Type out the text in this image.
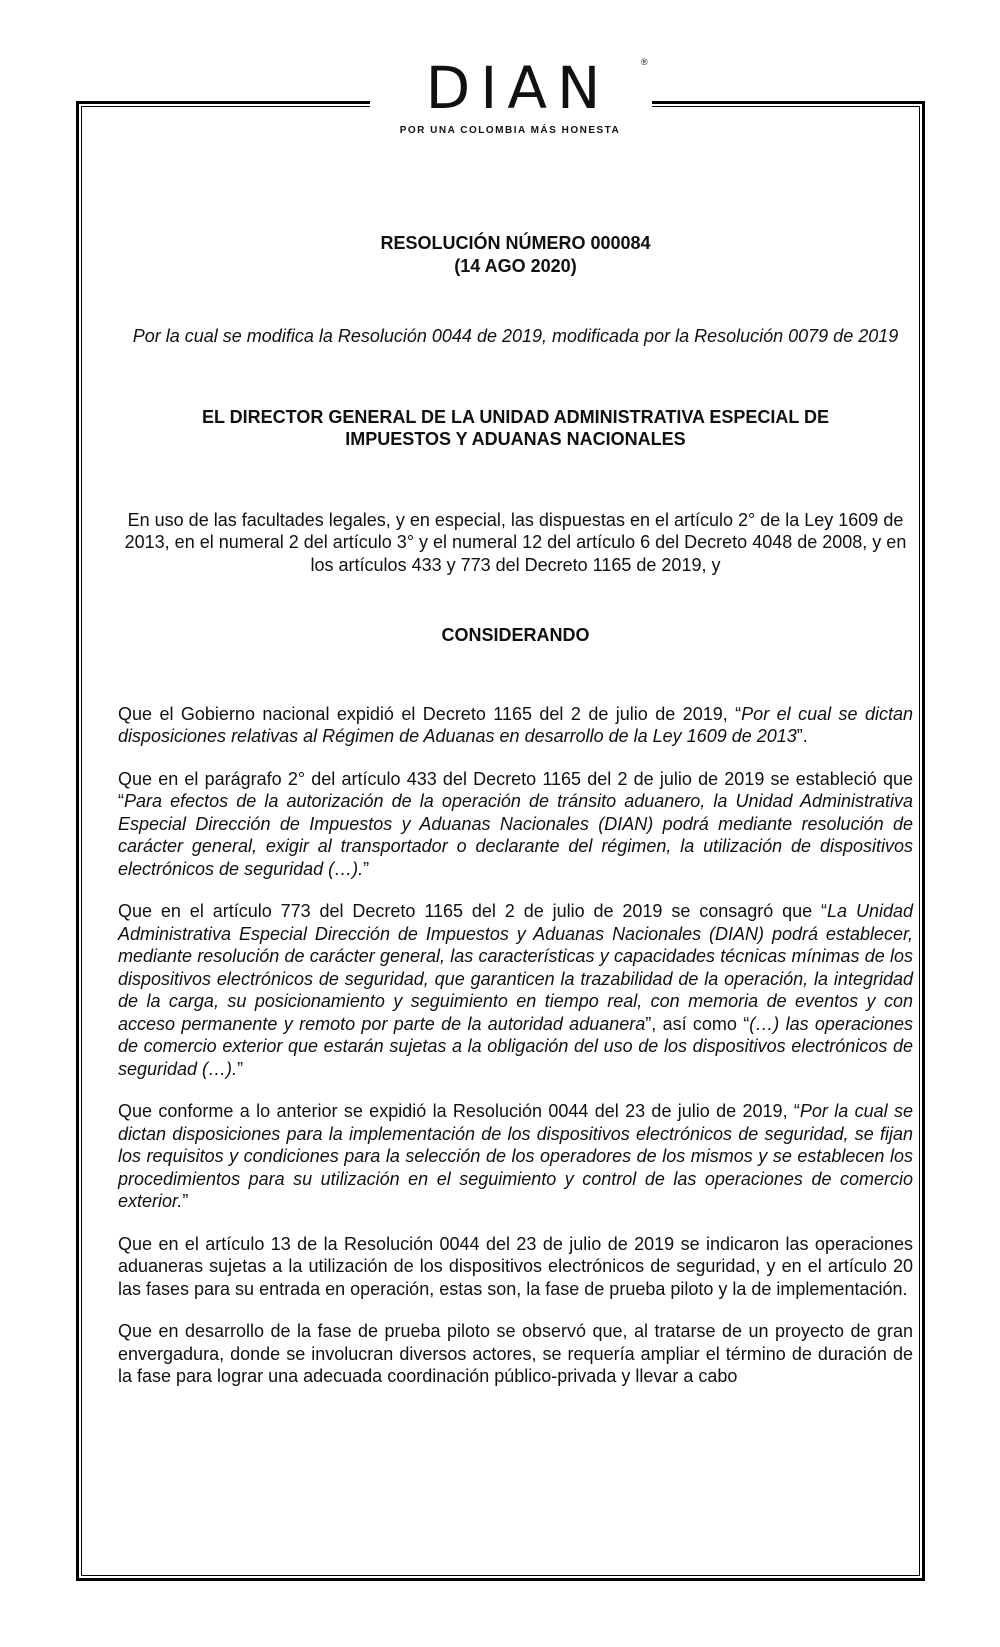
DIAN	®
POR UNA COLOMBIA MÁS HONESTA

RESOLUCIÓN NÚMERO 000084

(14 AGO 2020)

Por la cual se modifica la Resolución 0044 de 2019, modificada por la Resolución 0079 de 2019

EL DIRECTOR GENERAL DE LA UNIDAD ADMINISTRATIVA ESPECIAL DE IMPUESTOS Y ADUANAS NACIONALES

En uso de las facultades legales, y en especial, las dispuestas en el artículo 2° de la Ley 1609 de 2013, en el numeral 2 del artículo 3° y el numeral 12 del artículo 6 del Decreto 4048 de 2008, y en los artículos 433 y 773 del Decreto 1165 de 2019, y

CONSIDERANDO

Que el Gobierno nacional expidió el Decreto 1165 del 2 de julio de 2019, “Por el cual se dictan disposiciones relativas al Régimen de Aduanas en desarrollo de la Ley 1609 de 2013”.

Que en el parágrafo 2° del artículo 433 del Decreto 1165 del 2 de julio de 2019 se estableció que “Para efectos de la autorización de la operación de tránsito aduanero, la Unidad Administrativa Especial Dirección de Impuestos y Aduanas Nacionales (DIAN) podrá mediante resolución de carácter general, exigir al transportador o declarante del régimen, la utilización de dispositivos electrónicos de seguridad (…).”

Que en el artículo 773 del Decreto 1165 del 2 de julio de 2019 se consagró que “La Unidad Administrativa Especial Dirección de Impuestos y Aduanas Nacionales (DIAN) podrá establecer, mediante resolución de carácter general, las características y capacidades técnicas mínimas de los dispositivos electrónicos de seguridad, que garanticen la trazabilidad de la operación, la integridad de la carga, su posicionamiento y seguimiento en tiempo real, con memoria de eventos y con acceso permanente y remoto por parte de la autoridad aduanera”, así como “(…) las operaciones de comercio exterior que estarán sujetas a la obligación del uso de los dispositivos electrónicos de seguridad (…).”

Que conforme a lo anterior se expidió la Resolución 0044 del 23 de julio de 2019, “Por la cual se dictan disposiciones para la implementación de los dispositivos electrónicos de seguridad, se fijan los requisitos y condiciones para la selección de los operadores de los mismos y se establecen los procedimientos para su utilización en el seguimiento y control de las operaciones de comercio exterior.”

Que en el artículo 13 de la Resolución 0044 del 23 de julio de 2019 se indicaron las operaciones aduaneras sujetas a la utilización de los dispositivos electrónicos de seguridad, y en el artículo 20 las fases para su entrada en operación, estas son, la fase de prueba piloto y la de implementación.

Que en desarrollo de la fase de prueba piloto se observó que, al tratarse de un proyecto de gran envergadura, donde se involucran diversos actores, se requería ampliar el término de duración de la fase para lograr una adecuada coordinación público-privada y llevar a cabo
